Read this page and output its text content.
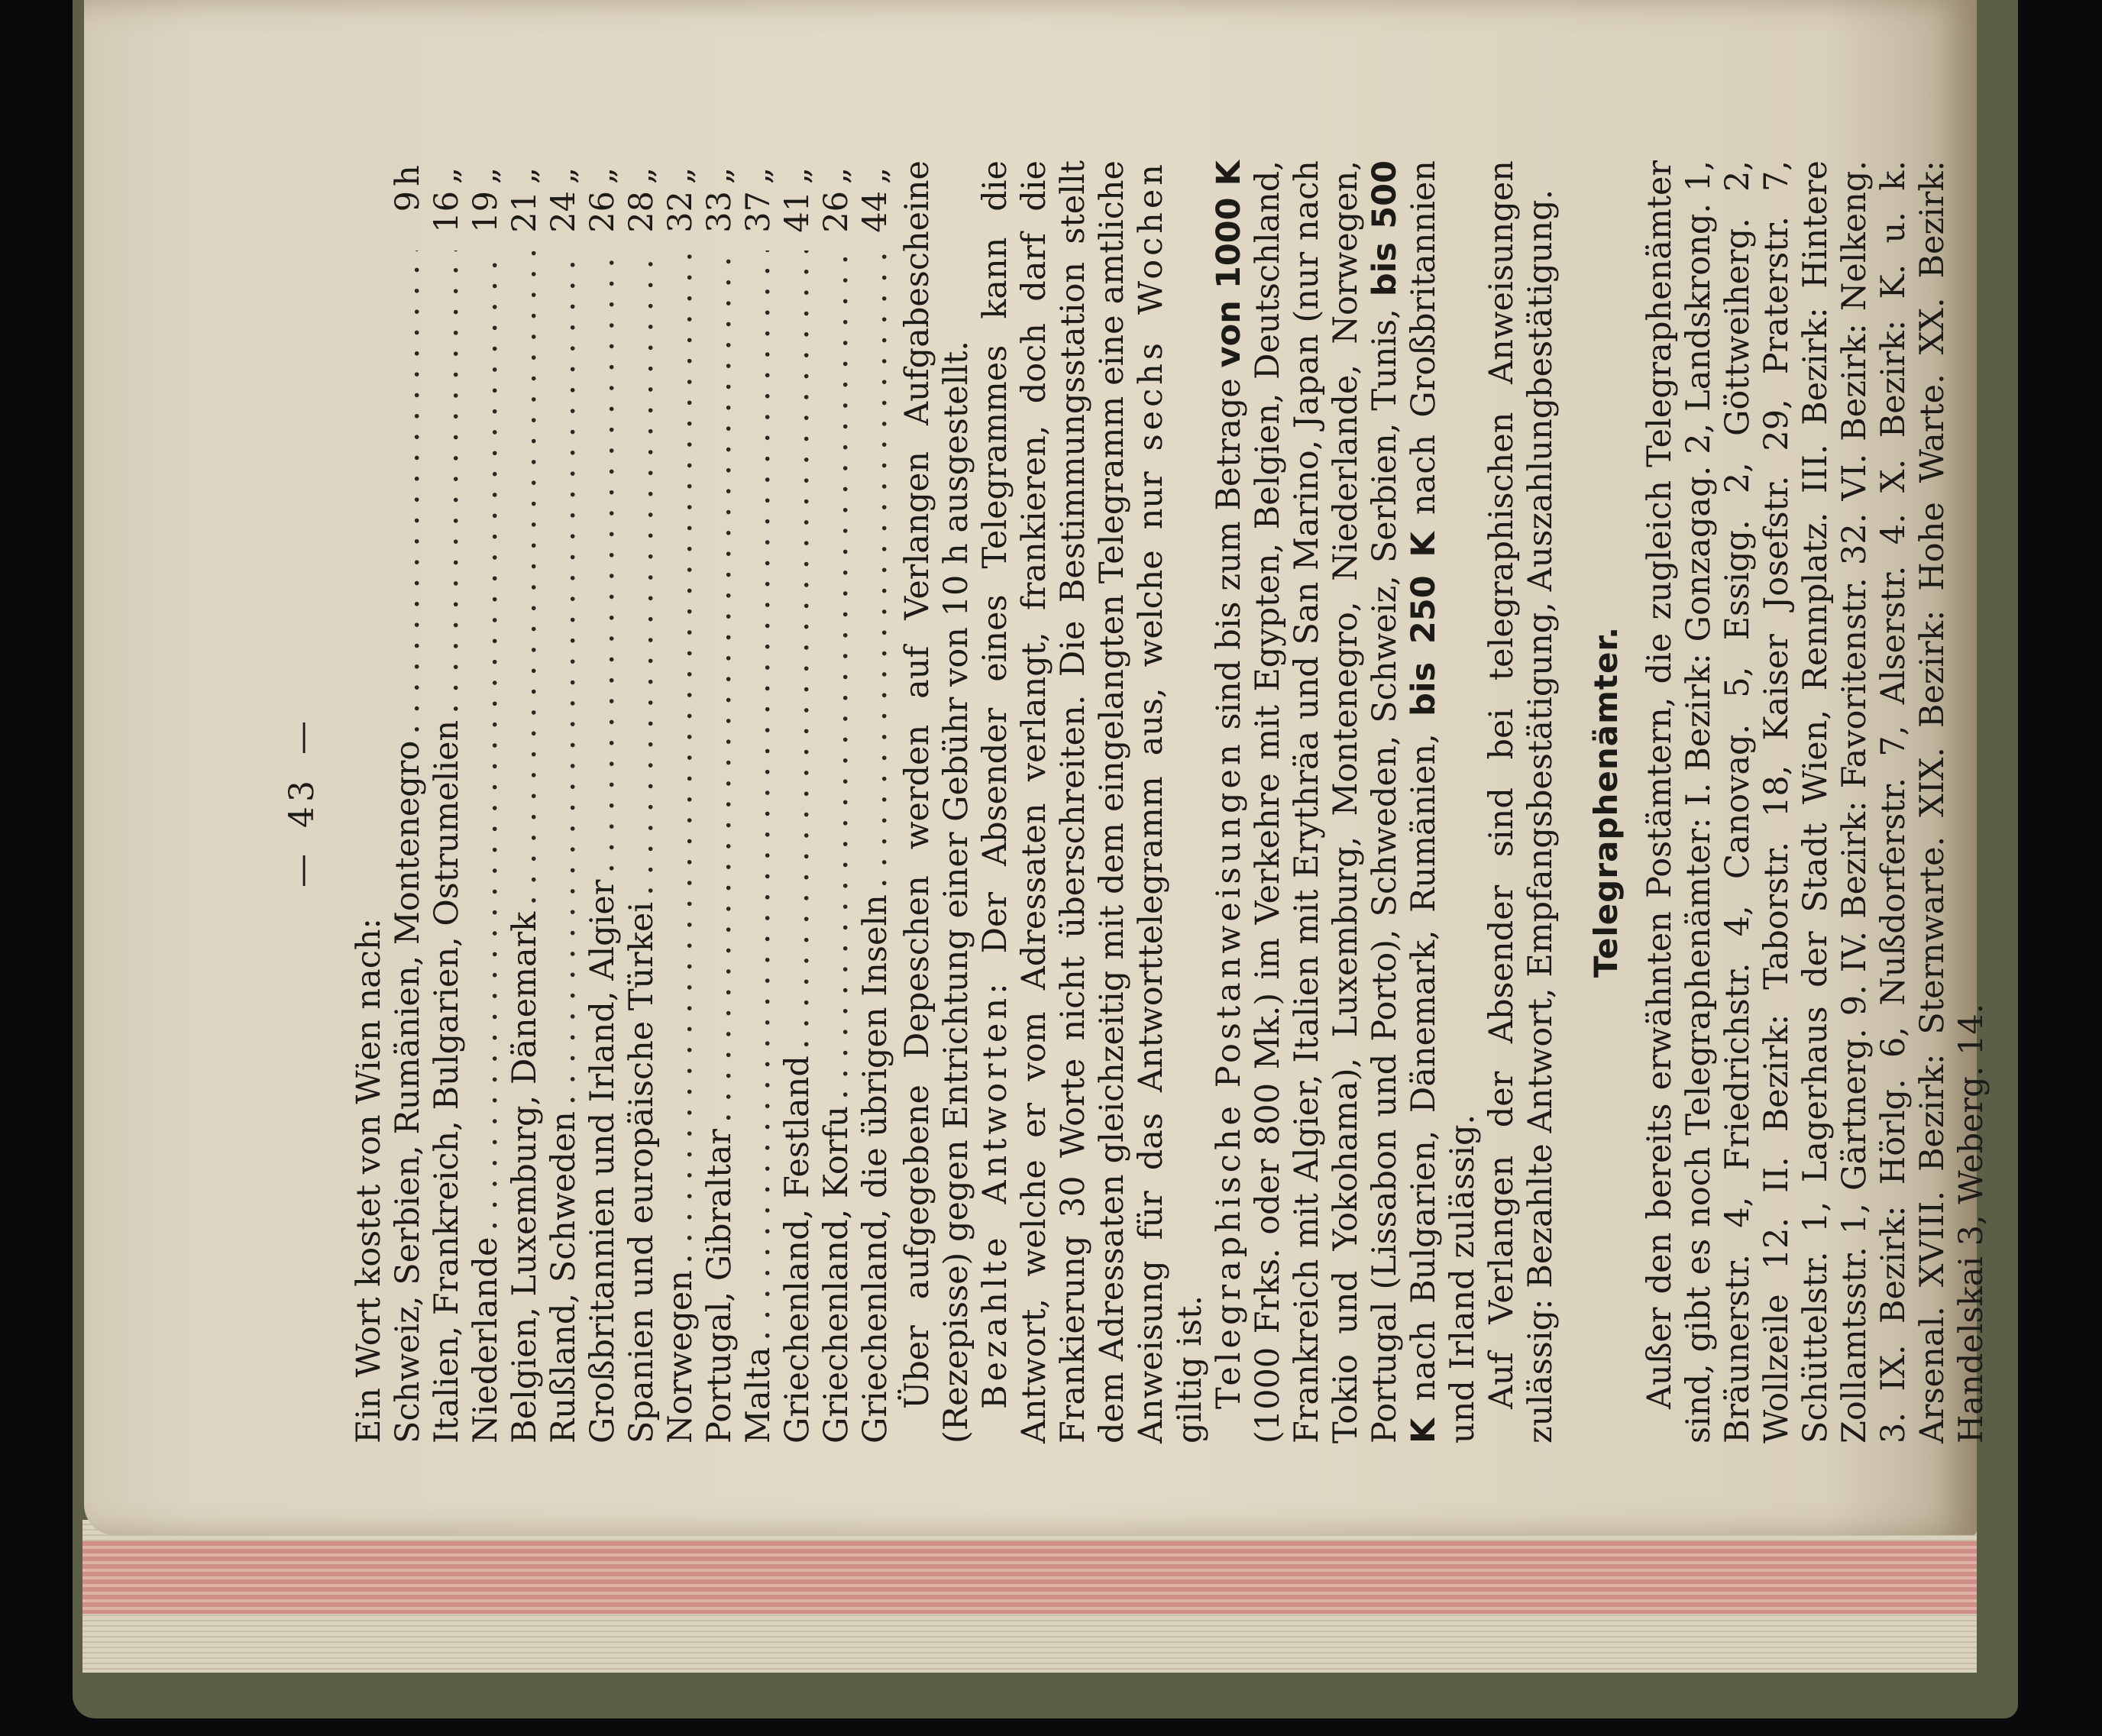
—43—

Ein Wort kostet von Wien nach: Schweiz, Serbien, Rumänien, Montenegro
. . .
9
h
Italien, Frankreich, Bulgarien, Ostrumelien
. . .
16
„
Niederlande
. . .
19
„
Belgien, Luxemburg, Dänemark
. . .
21
„
Rußland, Schweden
. . .
24
„
Großbritannien und Irland, Algier
. . .
26
„
Spanien und europäische Türkei
. . .
28
„
Norwegen
. . .
32
„
Portugal, Gibraltar
. . .
33
„
Malta
. . .
37
„
Griechenland, Festland
. . .
41
„
Griechenland, Korfu
. . .
26
„
Griechenland, die übrigen Inseln
. . .
44
„ Über aufgegebene Depeschen werden auf Verlangen Aufgabescheine (Rezepisse) gegen Entrichtung einer Gebühr von 10 h ausgestellt. Bezahlte Antworten: Der Absender eines Telegrammes kann die Antwort, welche er vom Adressaten verlangt, frankieren, doch darf die Frankierung 30 Worte nicht überschreiten. Die Bestimmungsstation stellt dem Adressaten gleichzeitig mit dem eingelangten Telegramm eine amtliche Anweisung für das Antworttelegramm aus, welche nur sechs Wochen giltig ist. Telegraphische Postanweisungen sind bis zum Betrage von 1000 K (1000 Frks. oder 800 Mk.) im Verkehre mit Egypten, Belgien, Deutschland, Frankreich mit Algier, Italien mit Erythräa und San Marino, Japan (nur nach Tokio und Yokohama), Luxemburg, Montenegro, Niederlande, Norwegen, Portugal (Lissabon und Porto), Schweden, Schweiz, Serbien, Tunis, bis 500 K nach Bulgarien, Dänemark, Rumänien, bis 250 K nach Großbritannien und Irland zulässig. Auf Verlangen der Absender sind bei telegraphischen Anweisungen zulässig: Bezahlte Antwort, Empfangsbestätigung, Auszahlungbestätigung. Telegraphenämter. Außer den bereits erwähnten Postämtern, die zugleich Telegraphenämter sind, gibt es noch Telegraphenämter: I. Bezirk: Gonzagag. 2, Landskrong. 1, Bräunerstr. 4, Friedrichstr. 4, Canovag. 5, Essigg. 2, Göttweiherg. 2, Wollzeile 12. II. Bezirk: Taborstr. 18, Kaiser Josefstr. 29, Praterstr. 7, Schüttelstr. 1, Lagerhaus der Stadt Wien, Rennplatz. III. Bezirk: Hintere Zollamtsstr. 1, Gärtnerg. 9. IV. Bezirk: Favoritenstr. 32. VI. Bezirk: Nelkeng. 3. IX. Bezirk: Hörlg. 6, Nußdorferstr. 7, Alserstr. 4. X. Bezirk: K. u. k. Arsenal. XVIII. Bezirk: Sternwarte. XIX. Bezirk: Hohe Warte. XX. Bezirk: Handelskai 3, Weberg. 14.
